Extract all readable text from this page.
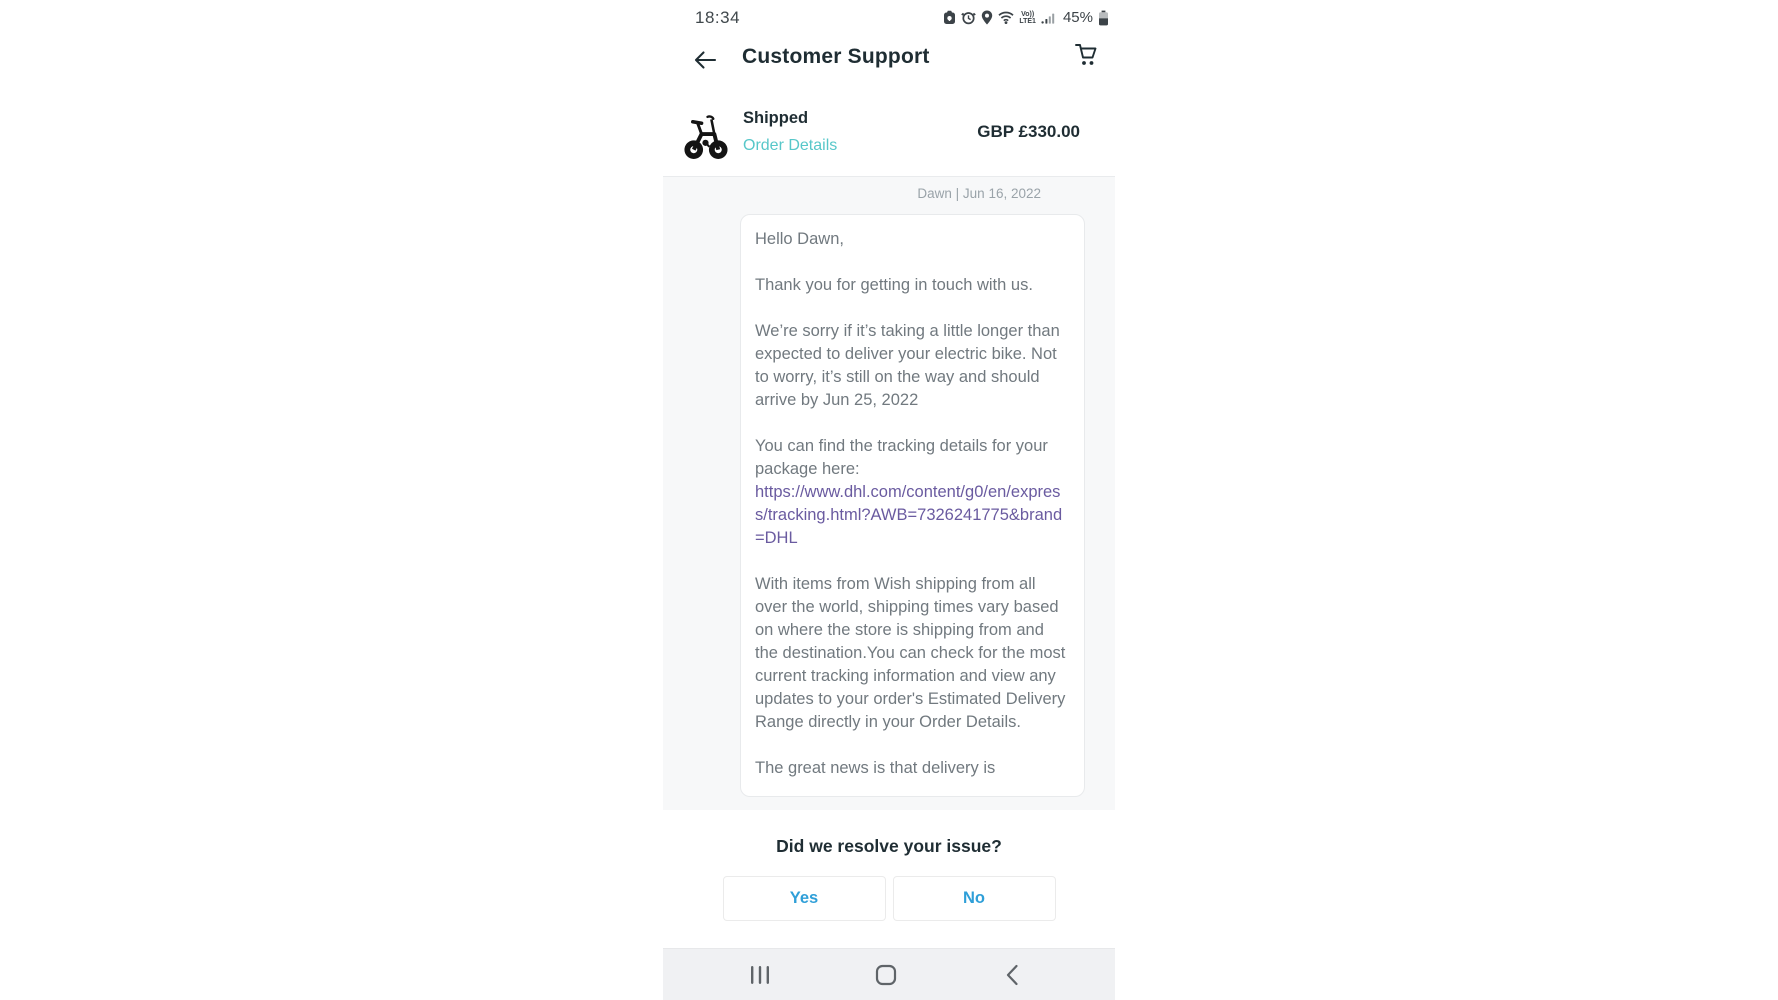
18:34	Vo))
LTE1 45%
Customer Support
Shipped
Order Details
GBP £330.00
Dawn | Jun 16, 2022

Hello Dawn,

Thank you for getting in touch with us.

We’re sorry if it’s taking a little longer than expected to deliver your electric bike. Not to worry, it’s still on the way and should arrive by Jun 25, 2022

You can find the tracking details for your package here:
https://www.dhl.com/content/g0/en/express/tracking.html?AWB=7326241775&brand=DHL

With items from Wish shipping from all over the world, shipping times vary based on where the store is shipping from and the destination.You can check for the most current tracking information and view any updates to your order's Estimated Delivery Range directly in your Order Details.

The great news is that delivery is

Did we resolve your issue?
Yes	No
